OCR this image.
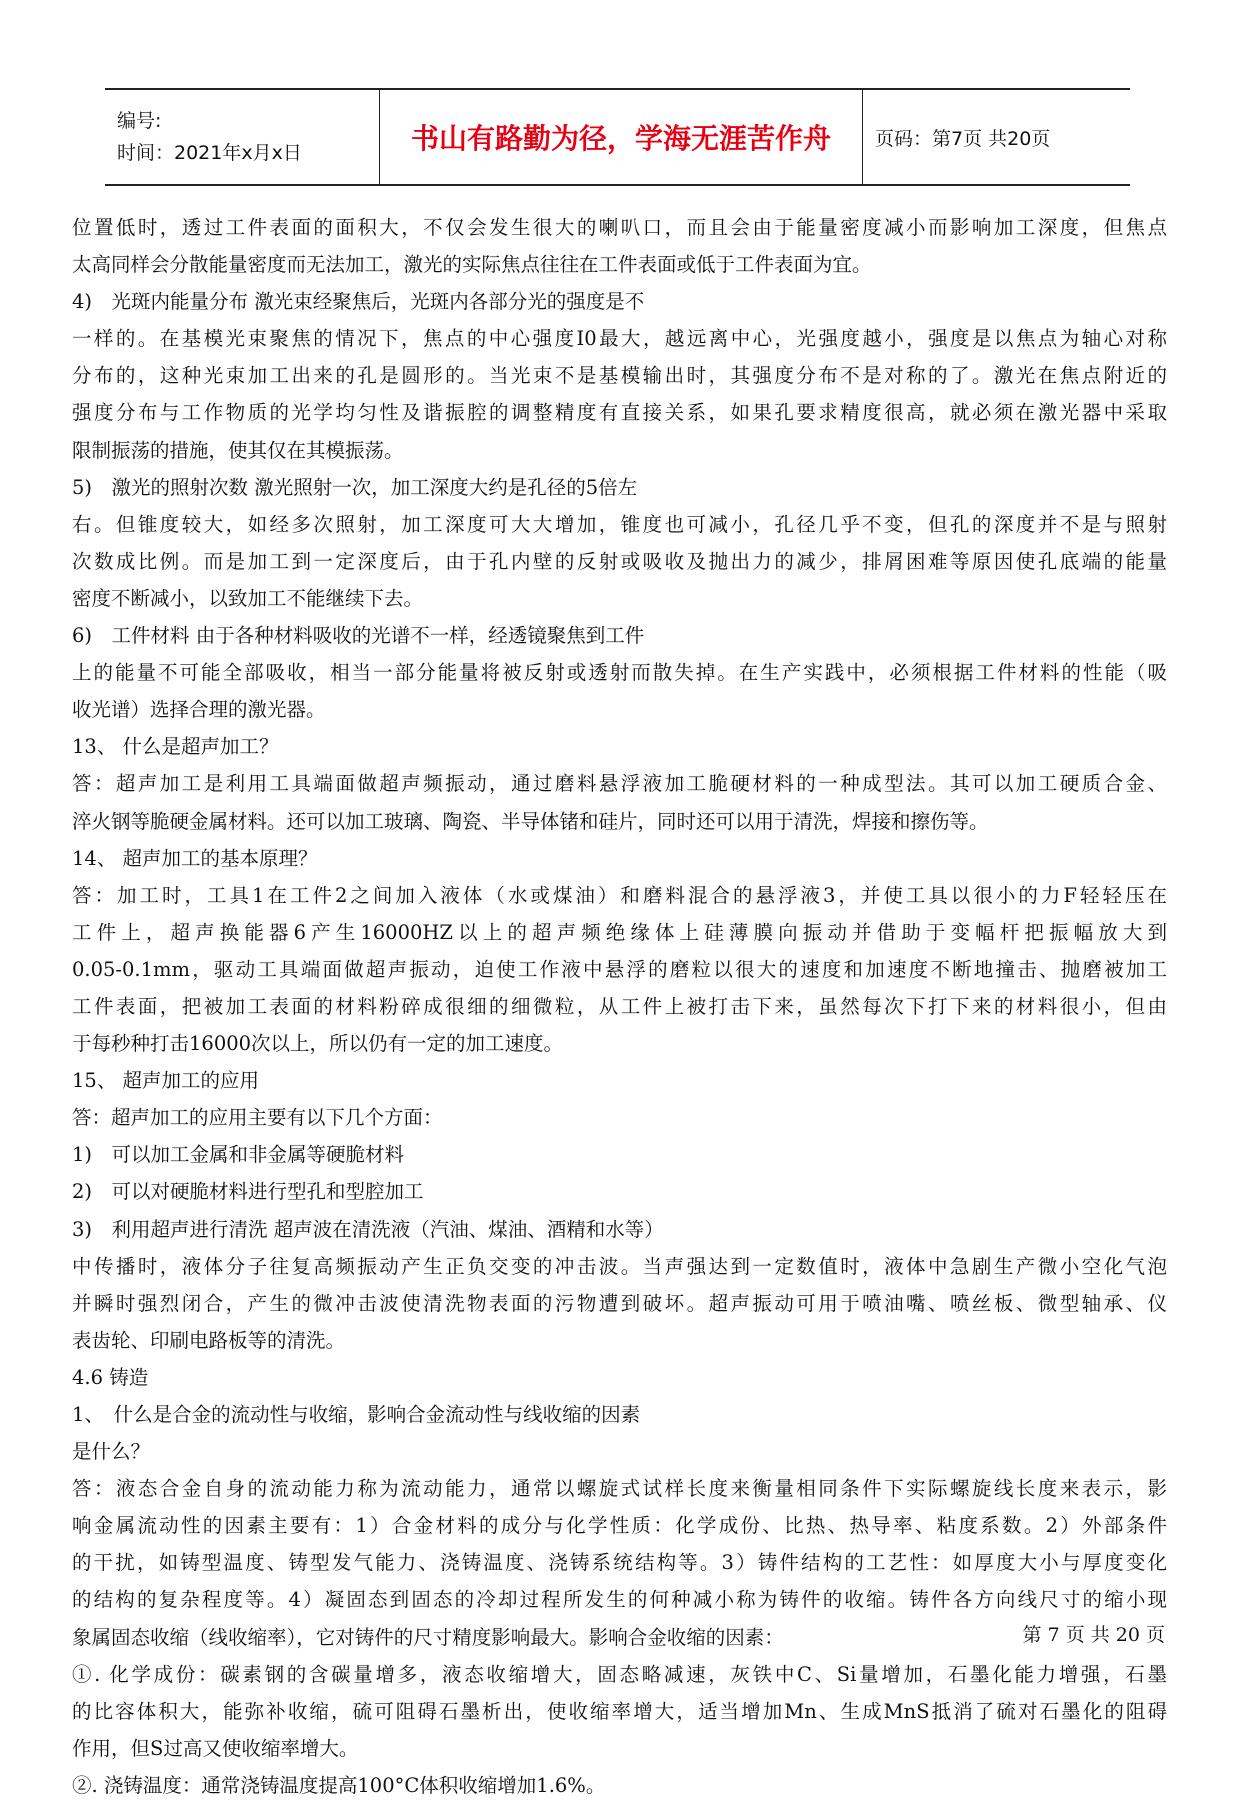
编号:
时间：2021年x月x日	书山有路勤为径，学海无涯苦作舟 页码：第7页 共20页
位置低时，透过工件表面的面积大，不仅会发生很大的喇叭口，而且会由于能量密度减小而影响加工深度，但焦点
太高同样会分散能量密度而无法加工，激光的实际焦点往往在工件表面或低于工件表面为宜。
4)　光斑内能量分布 激光束经聚焦后，光斑内各部分光的强度是不
一样的。在基模光束聚焦的情况下，焦点的中心强度I0最大，越远离中心，光强度越小，强度是以焦点为轴心对称
分布的，这种光束加工出来的孔是圆形的。当光束不是基模输出时，其强度分布不是对称的了。激光在焦点附近的
强度分布与工作物质的光学均匀性及谐振腔的调整精度有直接关系，如果孔要求精度很高，就必须在激光器中采取
限制振荡的措施，使其仅在其模振荡。
5)　激光的照射次数 激光照射一次，加工深度大约是孔径的5倍左
右。但锥度较大，如经多次照射，加工深度可大大增加，锥度也可减小，孔径几乎不变，但孔的深度并不是与照射
次数成比例。而是加工到一定深度后，由于孔内壁的反射或吸收及抛出力的减少，排屑困难等原因使孔底端的能量
密度不断减小，以致加工不能继续下去。
6)　工件材料 由于各种材料吸收的光谱不一样，经透镜聚焦到工件
上的能量不可能全部吸收，相当一部分能量将被反射或透射而散失掉。在生产实践中，必须根据工件材料的性能（吸
收光谱）选择合理的激光器。
13、 什么是超声加工？
答：超声加工是利用工具端面做超声频振动，通过磨料悬浮液加工脆硬材料的一种成型法。其可以加工硬质合金、
淬火钢等脆硬金属材料。还可以加工玻璃、陶瓷、半导体锗和硅片，同时还可以用于清洗，焊接和擦伤等。
14、 超声加工的基本原理？
答：加工时，工具1在工件2之间加入液体（水或煤油）和磨料混合的悬浮液3，并使工具以很小的力F轻轻压在
工件上，超声换能器6产生16000HZ以上的超声频绝缘体上硅薄膜向振动并借助于变幅杆把振幅放大到
0.05-0.1mm，驱动工具端面做超声振动，迫使工作液中悬浮的磨粒以很大的速度和加速度不断地撞击、抛磨被加工
工件表面，把被加工表面的材料粉碎成很细的细微粒，从工件上被打击下来，虽然每次下打下来的材料很小，但由
于每秒种打击16000次以上，所以仍有一定的加工速度。
15、 超声加工的应用
答：超声加工的应用主要有以下几个方面：
1)　可以加工金属和非金属等硬脆材料
2)　可以对硬脆材料进行型孔和型腔加工
3)　利用超声进行清洗 超声波在清洗液（汽油、煤油、酒精和水等）
中传播时，液体分子往复高频振动产生正负交变的冲击波。当声强达到一定数值时，液体中急剧生产微小空化气泡
并瞬时强烈闭合，产生的微冲击波使清洗物表面的污物遭到破坏。超声振动可用于喷油嘴、喷丝板、微型轴承、仪
表齿轮、印刷电路板等的清洗。
4.6 铸造
1、　什么是合金的流动性与收缩，影响合金流动性与线收缩的因素
是什么？
答：液态合金自身的流动能力称为流动能力，通常以螺旋式试样长度来衡量相同条件下实际螺旋线长度来表示，影
响金属流动性的因素主要有：1）合金材料的成分与化学性质：化学成份、比热、热导率、粘度系数。2）外部条件
的干扰，如铸型温度、铸型发气能力、浇铸温度、浇铸系统结构等。3）铸件结构的工艺性：如厚度大小与厚度变化
的结构的复杂程度等。4）凝固态到固态的冷却过程所发生的何种减小称为铸件的收缩。铸件各方向线尺寸的缩小现
象属固态收缩（线收缩率），它对铸件的尺寸精度影响最大。影响合金收缩的因素：
①. 化学成份：碳素钢的含碳量增多，液态收缩增大，固态略减速，灰铁中C、Si量增加，石墨化能力增强，石墨
的比容体积大，能弥补收缩，硫可阻碍石墨析出，使收缩率增大，适当增加Mn、生成MnS抵消了硫对石墨化的阻碍
作用，但S过高又使收缩率增大。
②. 浇铸温度：通常浇铸温度提高100°C体积收缩增加1.6%。
第 7 页 共 20 页
